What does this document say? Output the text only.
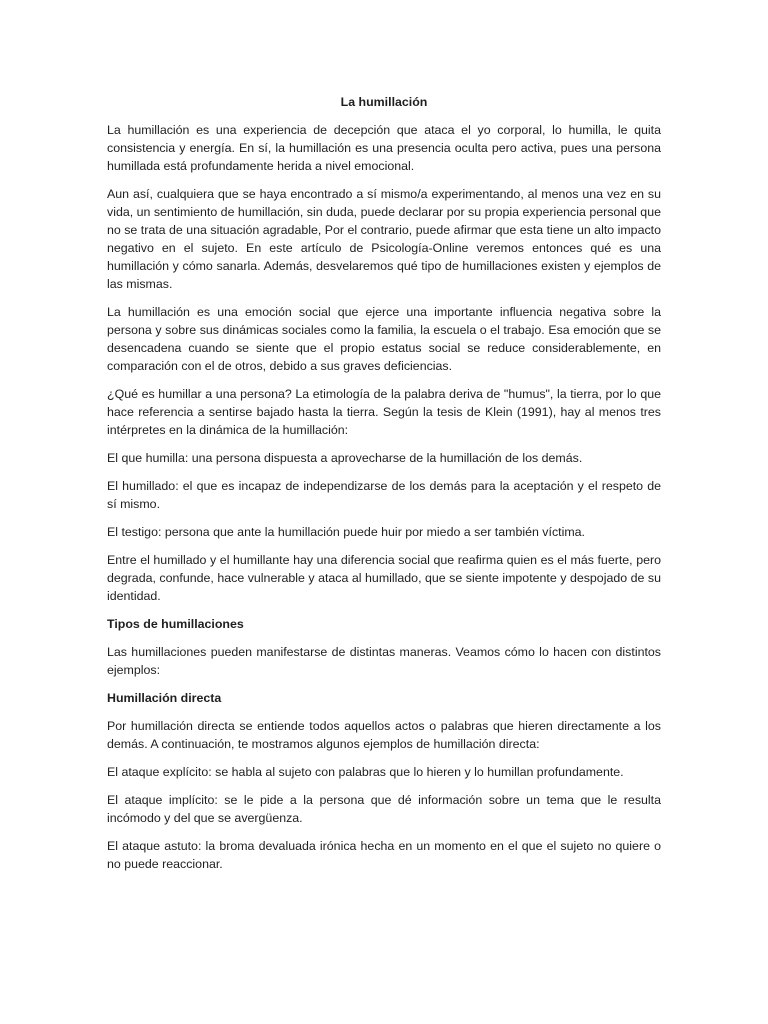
La humillación

La humillación es una experiencia de decepción que ataca el yo corporal, lo humilla, le quita consistencia y energía. En sí, la humillación es una presencia oculta pero activa, pues una persona humillada está profundamente herida a nivel emocional.

Aun así, cualquiera que se haya encontrado a sí mismo/a experimentando, al menos una vez en su vida, un sentimiento de humillación, sin duda, puede declarar por su propia experiencia personal que no se trata de una situación agradable, Por el contrario, puede afirmar que esta tiene un alto impacto negativo en el sujeto. En este artículo de Psicología-Online veremos entonces qué es una humillación y cómo sanarla. Además, desvelaremos qué tipo de humillaciones existen y ejemplos de las mismas.

La humillación es una emoción social que ejerce una importante influencia negativa sobre la persona y sobre sus dinámicas sociales como la familia, la escuela o el trabajo. Esa emoción que se desencadena cuando se siente que el propio estatus social se reduce considerablemente, en comparación con el de otros, debido a sus graves deficiencias.

¿Qué es humillar a una persona? La etimología de la palabra deriva de "humus", la tierra, por lo que hace referencia a sentirse bajado hasta la tierra. Según la tesis de Klein (1991), hay al menos tres intérpretes en la dinámica de la humillación:

El que humilla: una persona dispuesta a aprovecharse de la humillación de los demás.

El humillado: el que es incapaz de independizarse de los demás para la aceptación y el respeto de sí mismo.

El testigo: persona que ante la humillación puede huir por miedo a ser también víctima.

Entre el humillado y el humillante hay una diferencia social que reafirma quien es el más fuerte, pero degrada, confunde, hace vulnerable y ataca al humillado, que se siente impotente y despojado de su identidad.

Tipos de humillaciones

Las humillaciones pueden manifestarse de distintas maneras. Veamos cómo lo hacen con distintos ejemplos:

Humillación directa

Por humillación directa se entiende todos aquellos actos o palabras que hieren directamente a los demás. A continuación, te mostramos algunos ejemplos de humillación directa:

El ataque explícito: se habla al sujeto con palabras que lo hieren y lo humillan profundamente.

El ataque implícito: se le pide a la persona que dé información sobre un tema que le resulta incómodo y del que se avergüenza.

El ataque astuto: la broma devaluada irónica hecha en un momento en el que el sujeto no quiere o no puede reaccionar.
